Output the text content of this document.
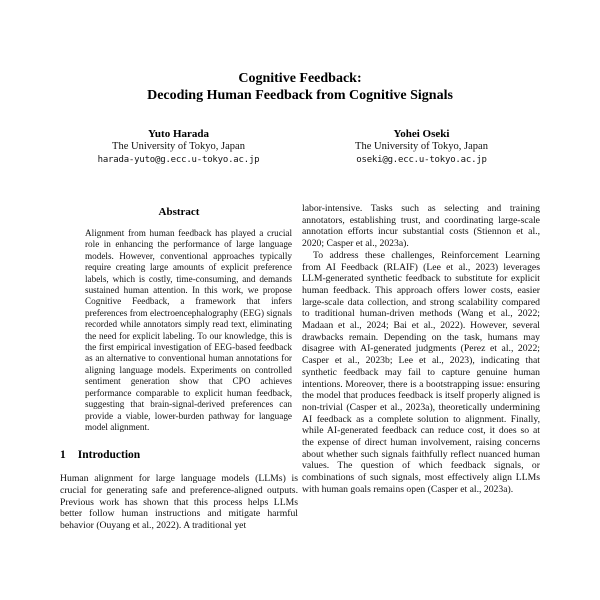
Cognitive Feedback:
Decoding Human Feedback from Cognitive Signals
Yuto Harada
The University of Tokyo, Japan
harada-yuto@g.ecc.u-tokyo.ac.jp
Yohei Oseki
The University of Tokyo, Japan
oseki@g.ecc.u-tokyo.ac.jp
Abstract
Alignment from human feedback has played a crucial role in enhancing the performance of large language models. However, conventional approaches typically require creating large amounts of explicit preference labels, which is costly, time-consuming, and demands sustained human attention. In this work, we propose Cognitive Feedback, a framework that infers preferences from electroencephalography (EEG) signals recorded while annotators simply read text, eliminating the need for explicit labeling. To our knowledge, this is the first empirical investigation of EEG-based feedback as an alternative to conventional human annotations for aligning language models. Experiments on controlled sentiment generation show that CPO achieves performance comparable to explicit human feedback, suggesting that brain-signal-derived preferences can provide a viable, lower-burden pathway for language model alignment.
1 Introduction

Human alignment for large language models (LLMs) is crucial for generating safe and preference-aligned outputs. Previous work has shown that this process helps LLMs better follow human instructions and mitigate harmful behavior (Ouyang et al., 2022). A traditional yet

labor-intensive. Tasks such as selecting and training annotators, establishing trust, and coordinating large-scale annotation efforts incur substantial costs (Stiennon et al., 2020; Casper et al., 2023a).

To address these challenges, Reinforcement Learning from AI Feedback (RLAIF) (Lee et al., 2023) leverages LLM-generated synthetic feedback to substitute for explicit human feedback. This approach offers lower costs, easier large-scale data collection, and strong scalability compared to traditional human-driven methods (Wang et al., 2022; Madaan et al., 2024; Bai et al., 2022). However, several drawbacks remain. Depending on the task, humans may disagree with AI-generated judgments (Perez et al., 2022; Casper et al., 2023b; Lee et al., 2023), indicating that synthetic feedback may fail to capture genuine human intentions. Moreover, there is a bootstrapping issue: ensuring the model that produces feedback is itself properly aligned is non-trivial (Casper et al., 2023a), theoretically undermining AI feedback as a complete solution to alignment. Finally, while AI-generated feedback can reduce cost, it does so at the expense of direct human involvement, raising concerns about whether such signals faithfully reflect nuanced human values. The question of which feedback signals, or combinations of such signals, most effectively align LLMs with human goals remains open (Casper et al., 2023a).
